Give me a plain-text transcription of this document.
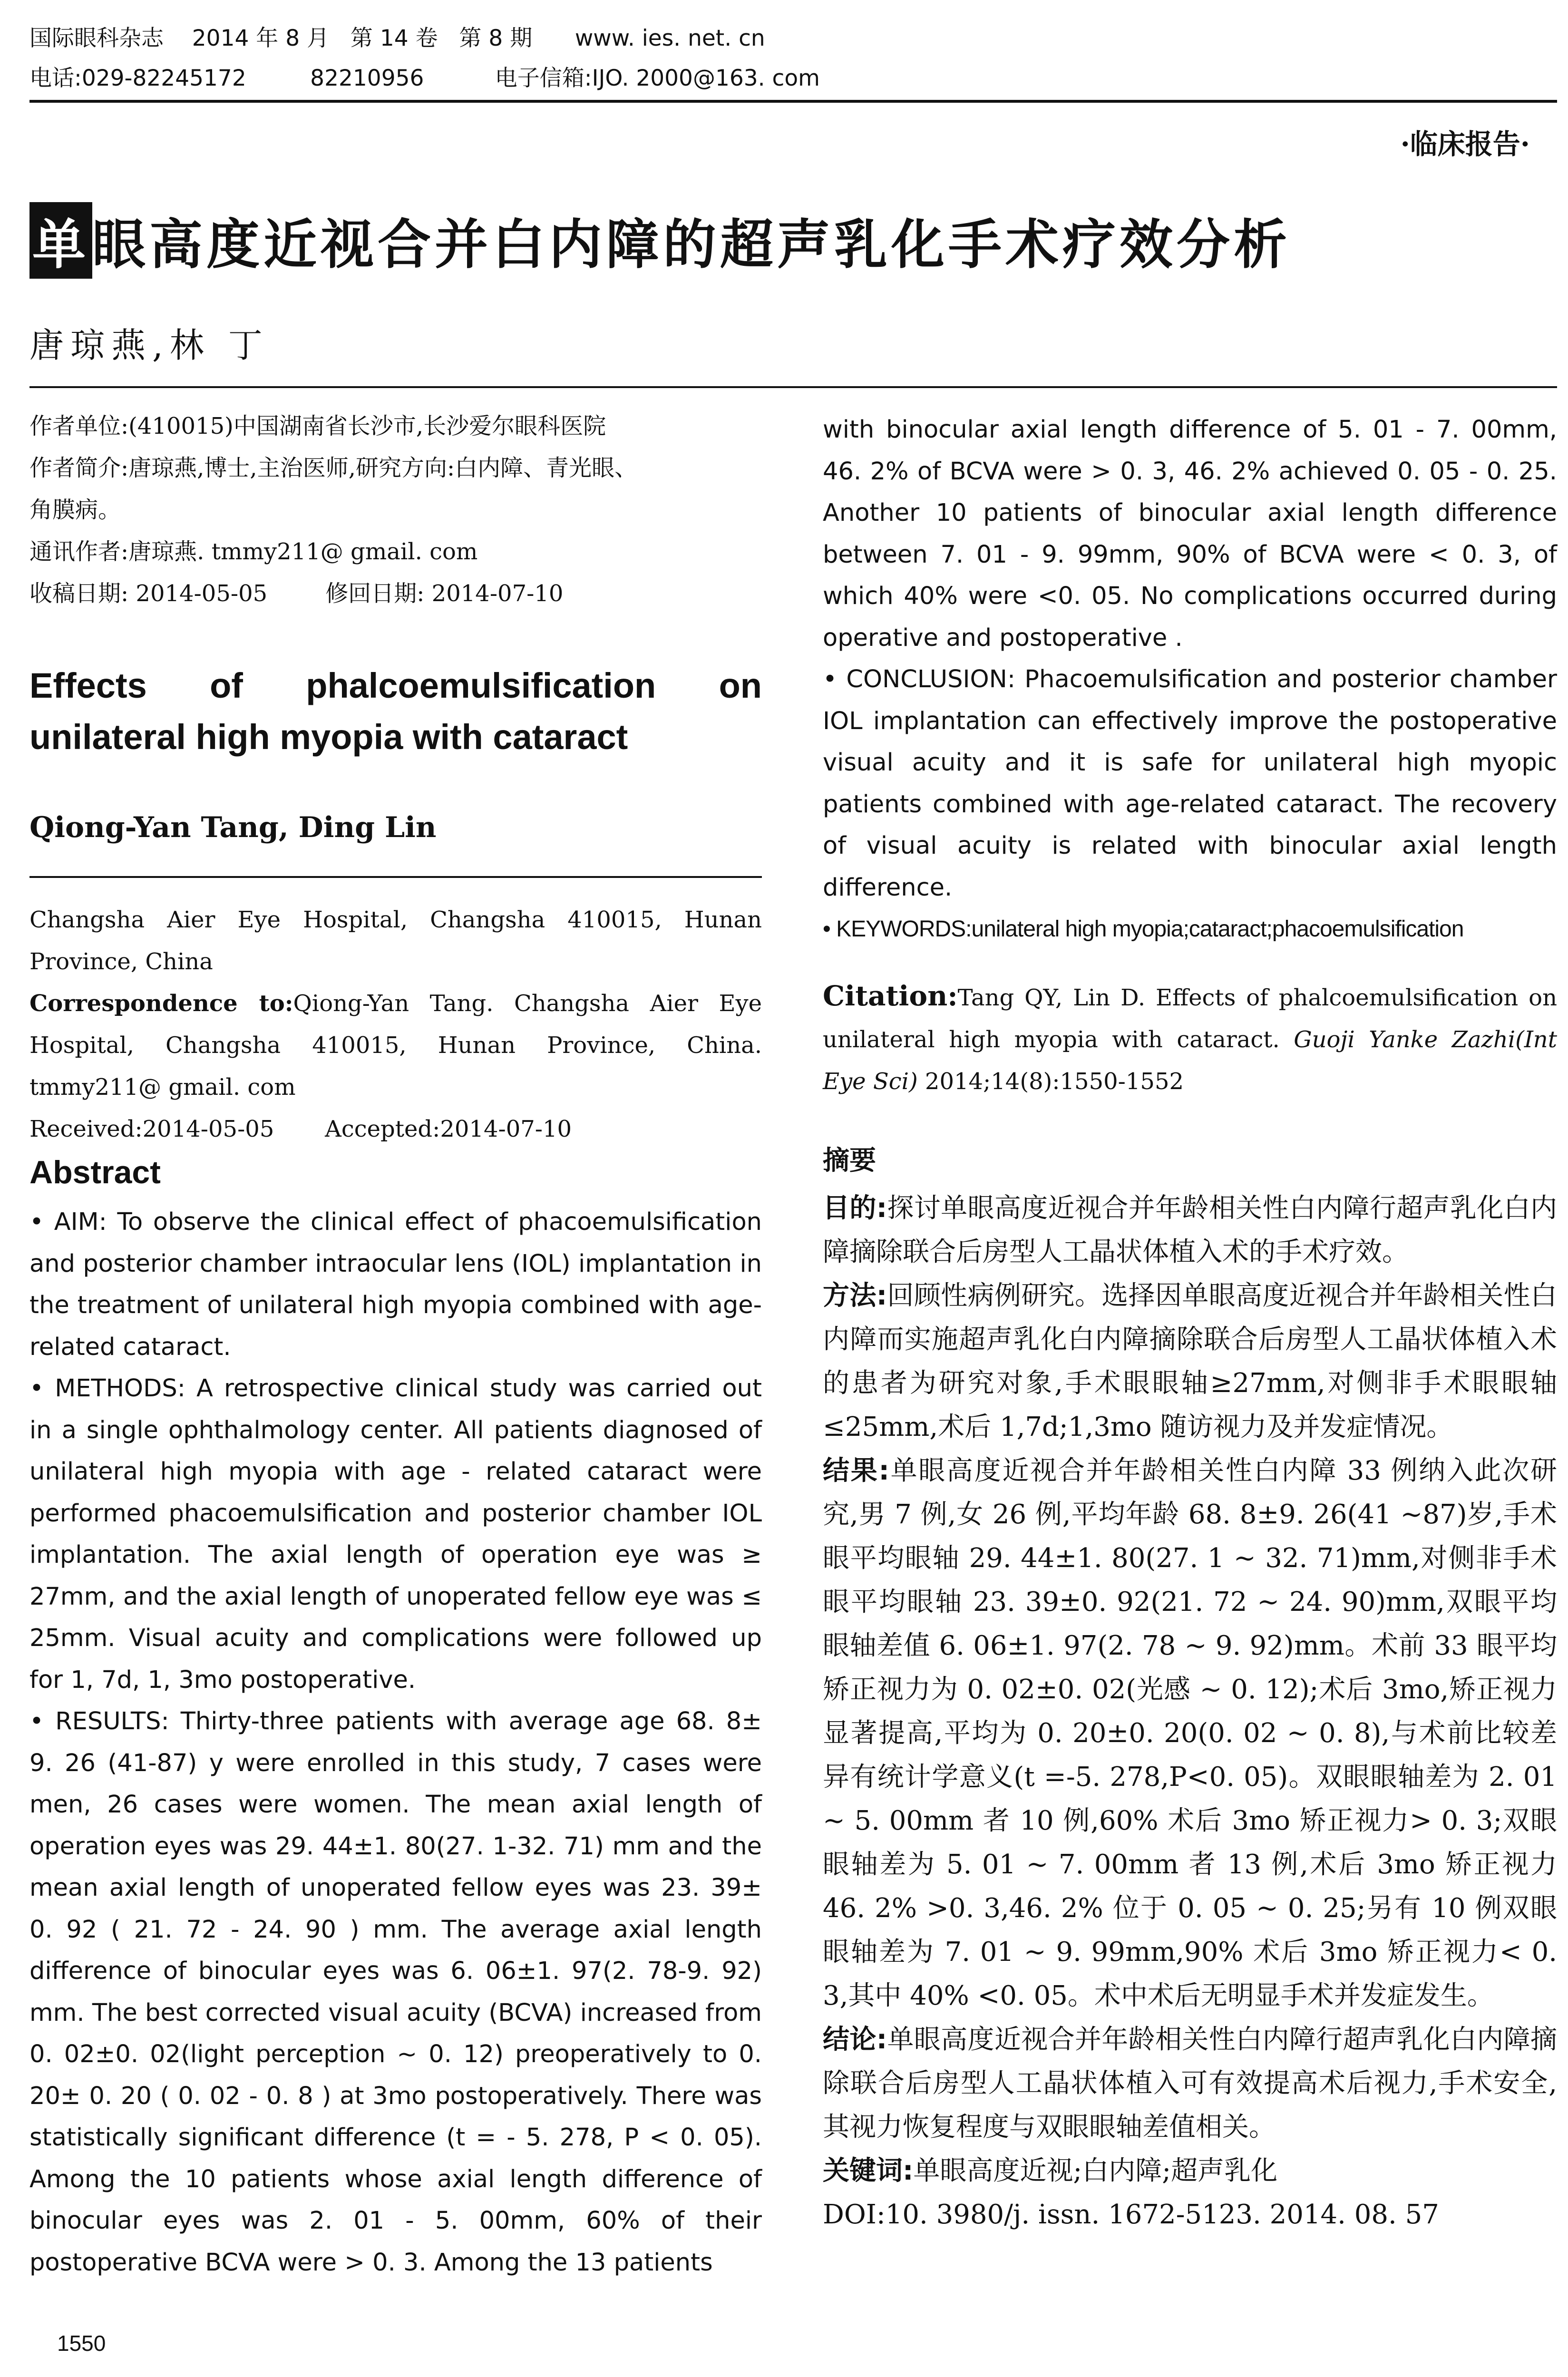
国际眼科杂志    2014 年 8 月   第 14 卷   第 8 期      www. ies. net. cn
电话:029-82245172         82210956          电子信箱:IJO. 2000@163. com
·临床报告·
单眼高度近视合并白内障的超声乳化手术疗效分析
唐琼燕,林 丁
作者单位:(410015)中国湖南省长沙市,长沙爱尔眼科医院
作者简介:唐琼燕,博士,主治医师,研究方向:白内障、青光眼、
角膜病。
通讯作者:唐琼燕. tmmy211@ gmail. com
收稿日期: 2014-05-05        修回日期: 2014-07-10
Effects of phalcoemulsification on
unilateral high myopia with cataract
Qiong-Yan Tang, Ding Lin
Changsha Aier Eye Hospital, Changsha 410015, Hunan
Province, China
Correspondence to:Qiong-Yan Tang. Changsha Aier Eye Hospital, Changsha 410015, Hunan Province, China. tmmy211@ gmail. com
Received:2014-05-05       Accepted:2014-07-10
Abstract

• AIM: To observe the clinical effect of phacoemulsification and posterior chamber intraocular lens (IOL) implantation in the treatment of unilateral high myopia combined with age-related cataract.

• METHODS: A retrospective clinical study was carried out in a single ophthalmology center. All patients diagnosed of unilateral high myopia with age - related cataract were performed phacoemulsification and posterior chamber IOL implantation. The axial length of operation eye was ≥ 27mm, and the axial length of unoperated fellow eye was ≤ 25mm. Visual acuity and complications were followed up for 1, 7d, 1, 3mo postoperative.

• RESULTS: Thirty-three patients with average age 68. 8± 9. 26 (41-87) y were enrolled in this study, 7 cases were men, 26 cases were women. The mean axial length of operation eyes was 29. 44±1. 80(27. 1-32. 71) mm and the mean axial length of unoperated fellow eyes was 23. 39± 0. 92 ( 21. 72 - 24. 90 ) mm. The average axial length difference of binocular eyes was 6. 06±1. 97(2. 78-9. 92) mm. The best corrected visual acuity (BCVA) increased from 0. 02±0. 02(light perception ~ 0. 12) preoperatively to 0. 20± 0. 20 ( 0. 02 - 0. 8 ) at 3mo postoperatively. There was statistically significant difference (t = - 5. 278, P < 0. 05). Among the 10 patients whose axial length difference of binocular eyes was 2. 01 - 5. 00mm, 60% of their postoperative BCVA were > 0. 3. Among the 13 patients

1550

with binocular axial length difference of 5. 01 - 7. 00mm, 46. 2% of BCVA were > 0. 3, 46. 2% achieved 0. 05 - 0. 25. Another 10 patients of binocular axial length difference between 7. 01 - 9. 99mm, 90% of BCVA were < 0. 3, of which 40% were <0. 05. No complications occurred during operative and postoperative .

• CONCLUSION: Phacoemulsification and posterior chamber IOL implantation can effectively improve the postoperative visual acuity and it is safe for unilateral high myopic patients combined with age-related cataract. The recovery of visual acuity is related with binocular axial length difference.

• KEYWORDS:unilateral high myopia;cataract;phacoemulsification

Citation:Tang QY, Lin D. Effects of phalcoemulsification on unilateral high myopia with cataract. Guoji Yanke Zazhi(Int Eye Sci) 2014;14(8):1550-1552

摘要

目的:探讨单眼高度近视合并年龄相关性白内障行超声乳化白内障摘除联合后房型人工晶状体植入术的手术疗效。

方法:回顾性病例研究。选择因单眼高度近视合并年龄相关性白内障而实施超声乳化白内障摘除联合后房型人工晶状体植入术的患者为研究对象,手术眼眼轴≥27mm,对侧非手术眼眼轴≤25mm,术后 1,7d;1,3mo 随访视力及并发症情况。

结果:单眼高度近视合并年龄相关性白内障 33 例纳入此次研究,男 7 例,女 26 例,平均年龄 68. 8±9. 26(41 ~87)岁,手术眼平均眼轴 29. 44±1. 80(27. 1 ~ 32. 71)mm,对侧非手术眼平均眼轴 23. 39±0. 92(21. 72 ~ 24. 90)mm,双眼平均眼轴差值 6. 06±1. 97(2. 78 ~ 9. 92)mm。术前 33 眼平均矫正视力为 0. 02±0. 02(光感 ~ 0. 12);术后 3mo,矫正视力显著提高,平均为 0. 20±0. 20(0. 02 ~ 0. 8),与术前比较差异有统计学意义(t =-5. 278,P<0. 05)。双眼眼轴差为 2. 01 ~ 5. 00mm 者 10 例,60% 术后 3mo 矫正视力> 0. 3;双眼眼轴差为 5. 01 ~ 7. 00mm 者 13 例,术后 3mo 矫正视力 46. 2% >0. 3,46. 2% 位于 0. 05 ~ 0. 25;另有 10 例双眼眼轴差为 7. 01 ~ 9. 99mm,90% 术后 3mo 矫正视力< 0. 3,其中 40% <0. 05。术中术后无明显手术并发症发生。

结论:单眼高度近视合并年龄相关性白内障行超声乳化白内障摘除联合后房型人工晶状体植入可有效提高术后视力,手术安全,其视力恢复程度与双眼眼轴差值相关。

关键词:单眼高度近视;白内障;超声乳化

DOI:10. 3980/j. issn. 1672-5123. 2014. 08. 57
